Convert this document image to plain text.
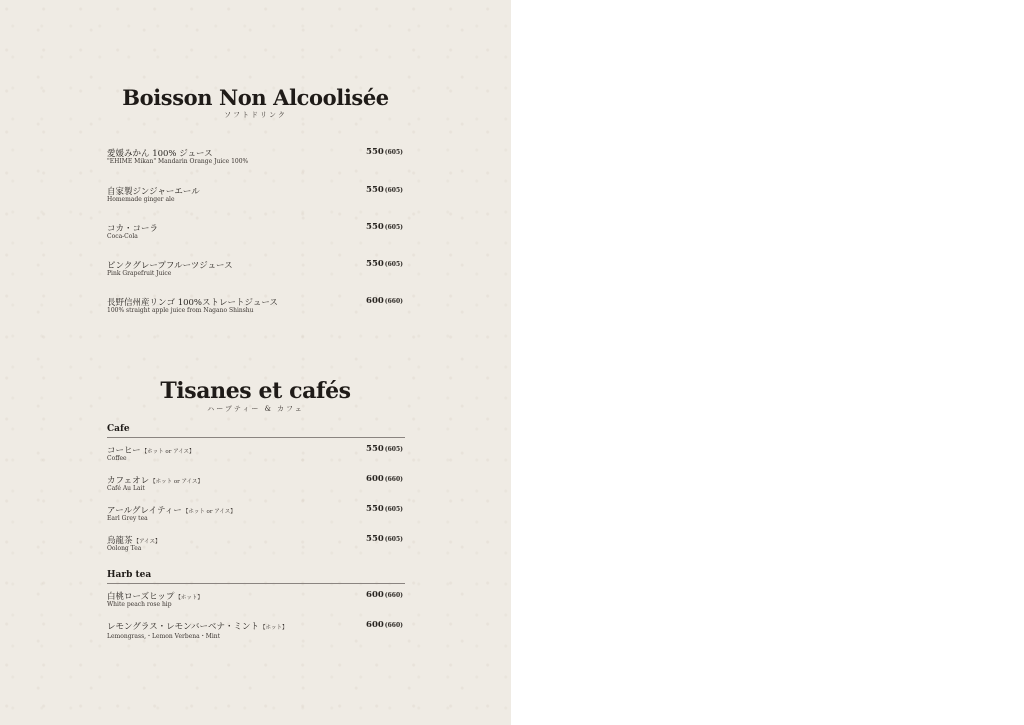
Boisson Non Alcoolisée
ソフトドリンク
愛媛みかん 100% ジュース
"EHIME Mikan" Mandarin Orange Juice 100%
550(605)
自家製ジンジャーエール
Homemade ginger ale
550(605)
コカ・コーラ
Coca-Cola
550(605)
ピンクグレープフルーツジュース
Pink Grapefruit Juice
550(605)
長野信州産リンゴ 100%ストレートジュース
100% straight apple juice from Nagano Shinshu
600(660)
Tisanes et cafés
ハーブティー & カフェ
Cafe
コーヒー【ホット or アイス】
Coffee
550(605)
カフェオレ【ホット or アイス】
Café Au Lait
600(660)
アールグレイティー【ホット or アイス】
Earl Grey tea
550(605)
烏龍茶【アイス】
Oolong Tea
550(605)
Harb tea
白桃ローズヒップ【ホット】
White peach rose hip
600(660)
レモングラス・レモンバーベナ・ミント【ホット】
Lemongrass,・Lemon Verbena・Mint
600(660)
